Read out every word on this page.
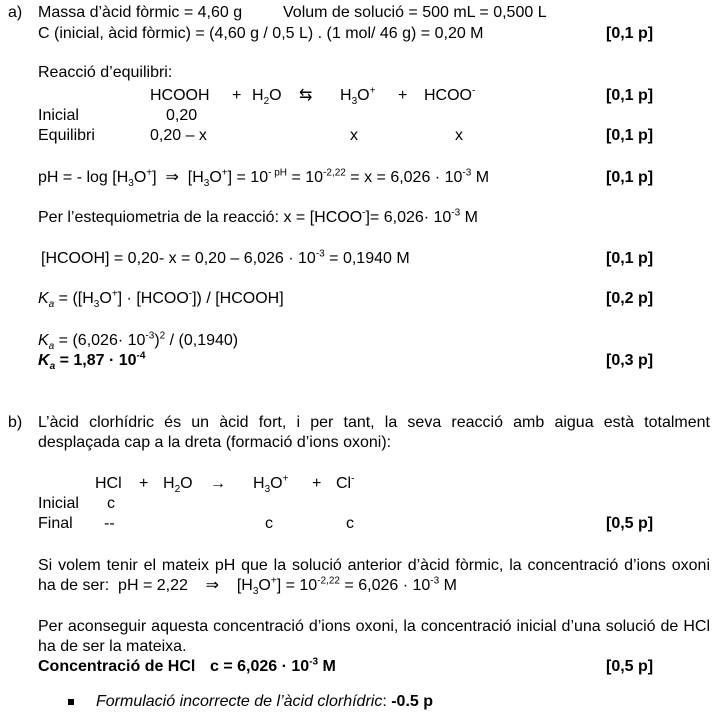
a) Massa d’àcid fòrmic = 4,60 g	Volum de solució = 500 mL = 0,500 L
C (inicial, àcid fòrmic) = (4,60 g / 0,5 L) . (1 mol/ 46 g) = 0,20 M	[0,1 p]
Reacció d’equilibri:
HCOOH + $H_2O$ ⇆ $H_3O^+$ + HCOO-	[0,1 p]
Inicial	0,20
Equilibri	0,20 – x	x	x	[0,1 p]
pH = - $\log [H_3O^+]$ ⇒ $[H_3O^+] = 10^{- pH} = 10^{-2,22} = x = 6,026 \cdot 10^{-3}$ M	[0,1 p]
Per l’estequiometria de la reacció: x = [HCOO-]= $6,026\cdot 10^{-3}$ M
[HCOOH] = 0,20- $x = 0,20 - 6,026 \cdot 10^{-3} = 0,1940$ M	[0,1 p]
$K_a = ([H_3O^+]$ · [HCOO-]) / [HCOOH]	[0,2 p]
$K_a = (6,026\cdot 10^{-3})^2 / (0,1940)$
$K_a = 1,87 \cdot 10^{-4}$	[0,3 p]
b) L’àcid clorhídric és un àcid fort, i per tant, la seva reacció amb aigua està totalment desplaçada cap a la dreta (formació d’ions oxoni):
HCl + $H_2O \to H_3O^+ + Cl^-$
Inicial c
Final --	c	c	[0,5 p]
Si volem tenir el mateix pH que la solució anterior d’àcid fòrmic, la concentració d’ions oxoni ha de ser: pH = 2,22 ⇒ $[H_3O^+] = 10^{-2,22} = 6,026 \cdot 10^{-3}$ M
Per aconseguir aquesta concentració d’ions oxoni, la concentració inicial d’una solució de HCl ha de ser la mateixa.
Concentració de HCl $c = 6,026 \cdot 10^{-3}$ M	[0,5 p]
Formulació incorrecte de l’àcid clorhídric: -0.5 p
